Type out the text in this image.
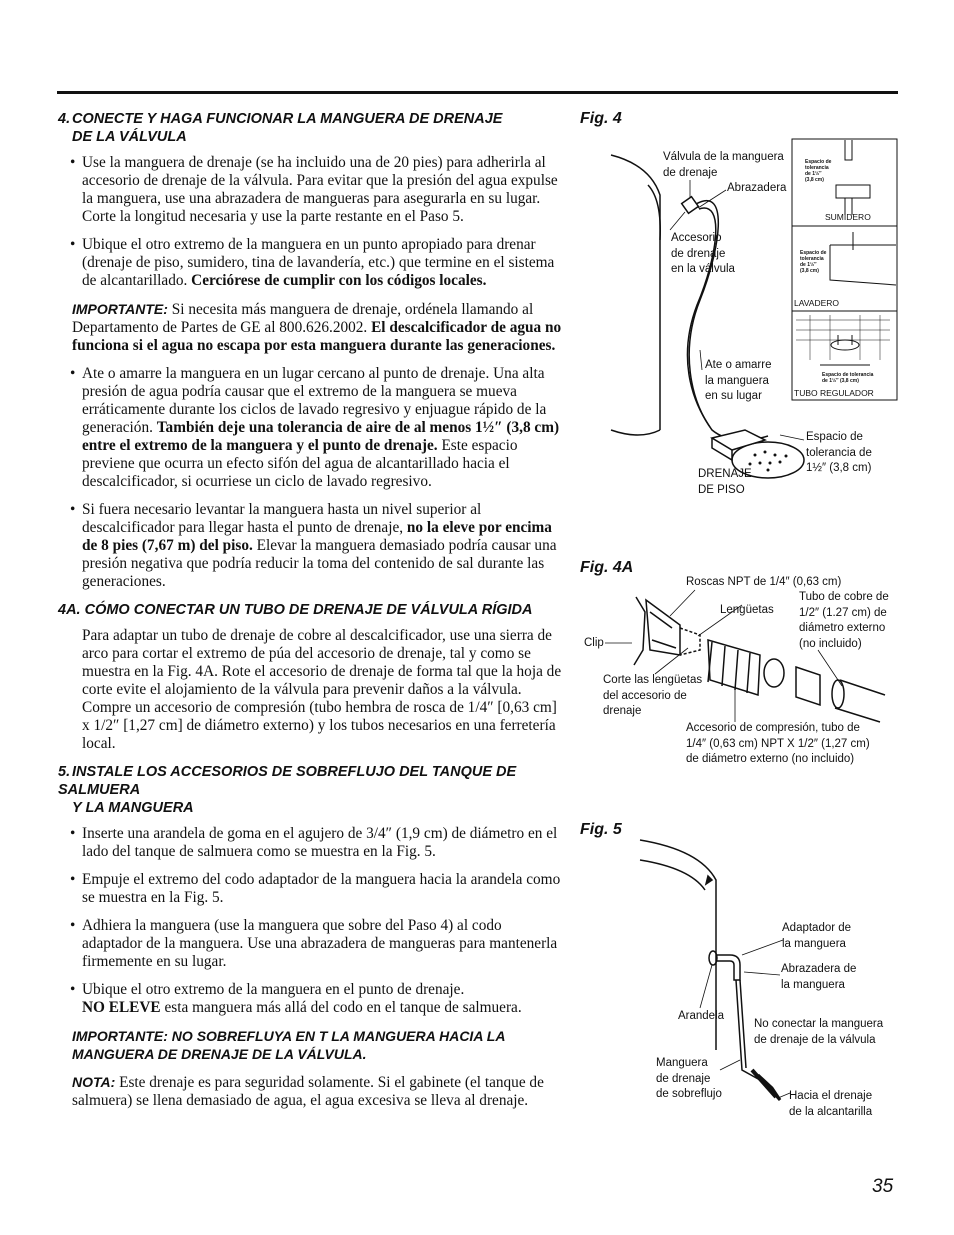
4. CONECTE Y HAGA FUNCIONAR LA MANGUERA DE DRENAJE
DE LA VÁLVULA
• Use la manguera de drenaje (se ha incluido una de 20 pies) para adherirla al accesorio de drenaje de la válvula. Para evitar que la presión del agua expulse la manguera, use una abrazadera de mangueras para asegurarla en su lugar. Corte la longitud necesaria y use la parte restante en el Paso 5.
• Ubique el otro extremo de la manguera en un punto apropiado para drenar (drenaje de piso, sumidero, tina de lavandería, etc.) que termine en el sistema de alcantarillado. Cerciórese de cumplir con los códigos locales.
IMPORTANTE: Si necesita más manguera de drenaje, ordénela llamando al Departamento de Partes de GE al 800.626.2002. El descalcificador de agua no funciona si el agua no escapa por esta manguera durante las generaciones.
• Ate o amarre la manguera en un lugar cercano al punto de drenaje. Una alta presión de agua podría causar que el extremo de la manguera se mueva erráticamente durante los ciclos de lavado regresivo y enjuague rápido de la generación. También deje una tolerancia de aire de al menos 1½″ (3,8 cm) entre el extremo de la manguera y el punto de drenaje. Este espacio previene que ocurra un efecto sifón del agua de alcantarillado hacia el descalcificador, si ocurriese un ciclo de lavado regresivo.
• Si fuera necesario levantar la manguera hasta un nivel superior al descalcificador para llegar hasta el punto de drenaje, no la eleve por encima de 8 pies (7,67 m) del piso. Elevar la manguera demasiado podría causar una presión negativa que podría reducir la toma del contenido de sal durante las generaciones.
4A. CÓMO CONECTAR UN TUBO DE DRENAJE DE VÁLVULA RÍGIDA
Para adaptar un tubo de drenaje de cobre al descalcificador, use una sierra de arco para cortar el extremo de púa del accesorio de drenaje, tal y como se muestra en la Fig. 4A. Rote el accesorio de drenaje de forma tal que la hoja de corte evite el alojamiento de la válvula para prevenir daños a la válvula. Compre un accesorio de compresión (tubo hembra de rosca de 1/4″ [0,63 cm] x 1/2″ [1,27 cm] de diámetro externo) y los tubos necesarios en una ferretería local.
5. INSTALE LOS ACCESORIOS DE SOBREFLUJO DEL TANQUE DE SALMUERA
Y LA MANGUERA
• Inserte una arandela de goma en el agujero de 3/4″ (1,9 cm) de diámetro en el lado del tanque de salmuera como se muestra en la Fig. 5.
• Empuje el extremo del codo adaptador de la manguera hacia la arandela como se muestra en la Fig. 5.
• Adhiera la manguera (use la manguera que sobre del Paso 4) al codo adaptador de la manguera. Use una abrazadera de mangueras para mantenerla firmemente en su lugar.
• Ubique el otro extremo de la manguera en el punto de drenaje.
NO ELEVE esta manguera más allá del codo en el tanque de salmuera.
IMPORTANTE: NO SOBREFLUYA EN T LA MANGUERA HACIA LA MANGUERA DE DRENAJE DE LA VÁLVULA.
NOTA: Este drenaje es para seguridad solamente. Si el gabinete (el tanque de salmuera) se llena demasiado de agua, el agua excesiva se lleva al drenaje.
Fig. 4
Fig. 4A
Fig. 5
Válvula de la manguera
de drenaje
Abrazadera
Accesorio
de drenaje
en la válvula
Ate o amarre
la manguera
en su lugar
DRENAJE
DE PISO
Espacio de
tolerancia de
1½″ (3,8 cm)
SUMIDERO
LAVADERO
TUBO REGULADOR
Espacio de
tolerancia
de 1½″
(3,8 cm)
Espacio de
tolerancia
de 1½″
(3,8 cm)
Espacio de tolerancia
de 1½″ (3,8 cm)
Roscas NPT de 1/4″ (0,63 cm)
Lengüetas
Tubo de cobre de
1/2″ (1.27 cm) de
diámetro externo
(no incluido)
Clip
Corte las lengüetas
del accesorio de
drenaje
Accesorio de compresión, tubo de
1/4″ (0,63 cm) NPT X 1/2″ (1,27 cm)
de diámetro externo (no incluido)
Adaptador de
la manguera
Abrazadera de
la manguera
Arandela
No conectar la manguera
de drenaje de la válvula
Manguera
de drenaje
de sobreflujo	Hacia el drenaje
de la alcantarilla
35
